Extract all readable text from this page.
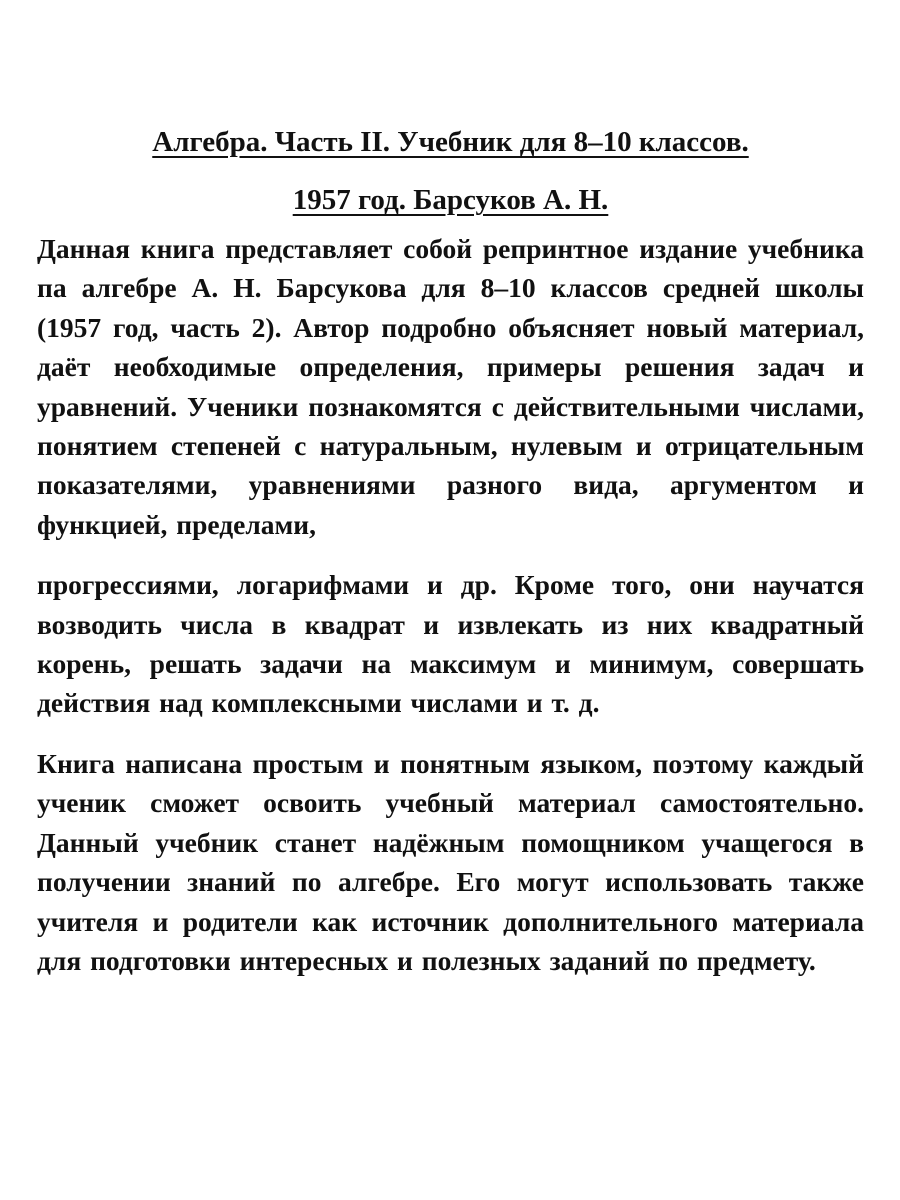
Алгебра. Часть II. Учебник для 8–10 классов.
1957 год. Барсуков А. Н.

Данная книга представляет собой репринтное издание учебника па алгебре А. Н. Барсукова для 8–10 классов средней школы (1957 год, часть 2). Автор подробно объясняет новый материал, даёт необходимые определения, примеры решения задач и уравнений. Ученики познакомятся с действительными числами, понятием степеней с натуральным, нулевым и отрицательным показателями, уравнениями разного вида, аргументом и функцией, пределами,

прогрессиями, логарифмами и др. Кроме того, они научатся возводить числа в квадрат и извлекать из них квадратный корень, решать задачи на максимум и минимум, совершать действия над комплексными числами и т. д.

Книга написана простым и понятным языком, поэтому каждый ученик сможет освоить учебный материал самостоятельно. Данный учебник станет надёжным помощником учащегося в получении знаний по алгебре. Его могут использовать также учителя и родители как источник дополнительного материала для подготовки интересных и полезных заданий по предмету.
